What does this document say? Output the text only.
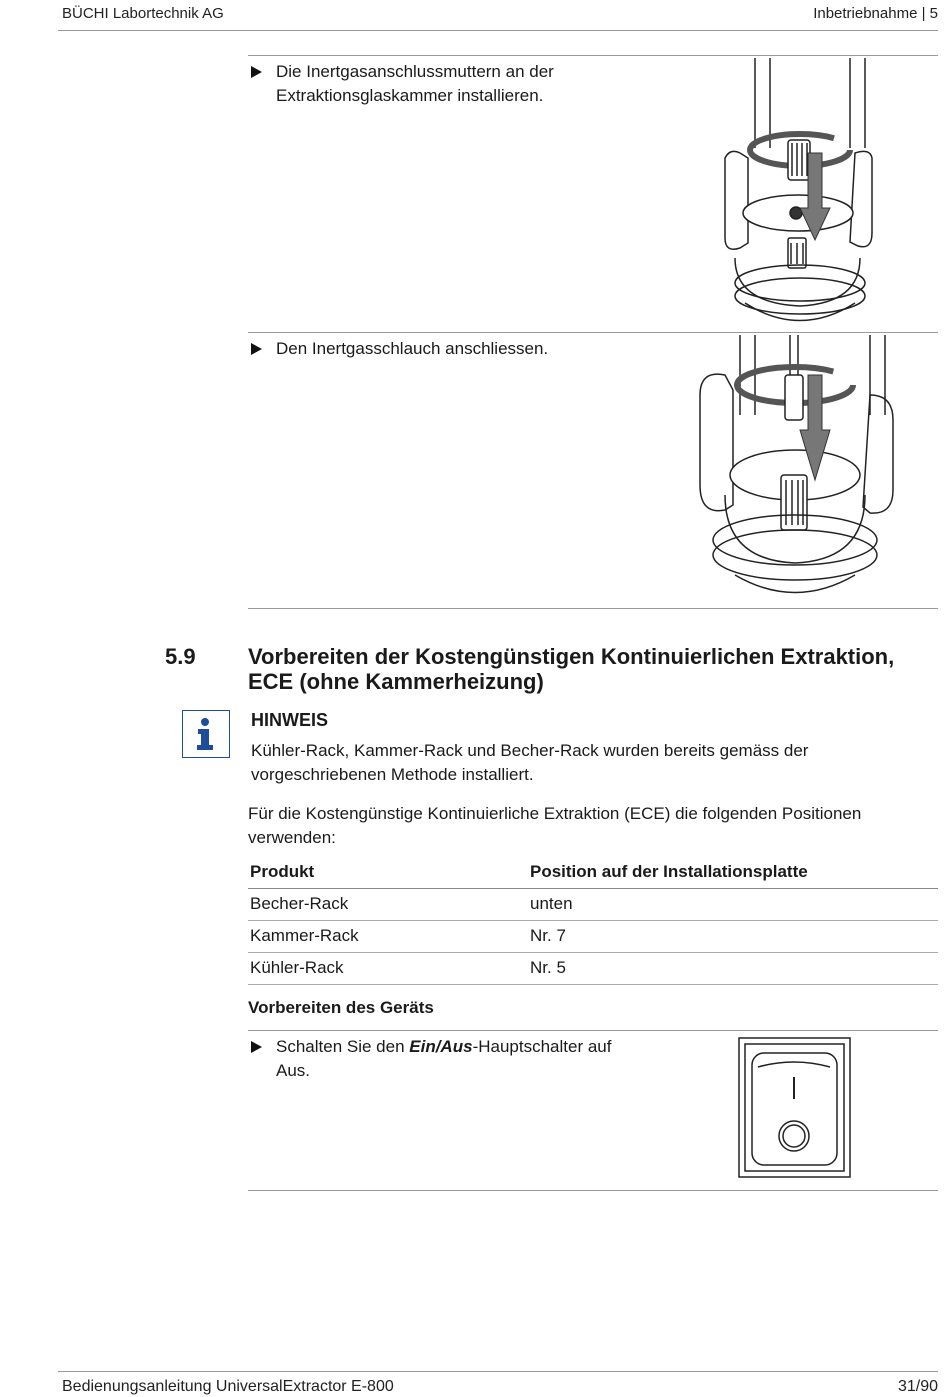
BÜCHI Labortechnik AG	Inbetriebnahme | 5
Die Inertgasanschlussmuttern an der Extraktionsglaskammer installieren.
Den Inertgasschlauch anschliessen.
5.9 Vorbereiten der Kostengünstigen Kontinuierlichen Extraktion, ECE (ohne Kammerheizung)
HINWEIS
Kühler-Rack, Kammer-Rack und Becher-Rack wurden bereits gemäss der vorgeschriebenen Methode installiert.
Für die Kostengünstige Kontinuierliche Extraktion (ECE) die folgenden Positionen verwenden:
Produkt	Position auf der Installationsplatte
Becher-Rack	unten
Kammer-Rack	Nr. 7
Kühler-Rack	Nr. 5
Vorbereiten des Geräts
Schalten Sie den Ein/Aus-Hauptschalter auf Aus.
Bedienungsanleitung UniversalExtractor E-800	31/90
